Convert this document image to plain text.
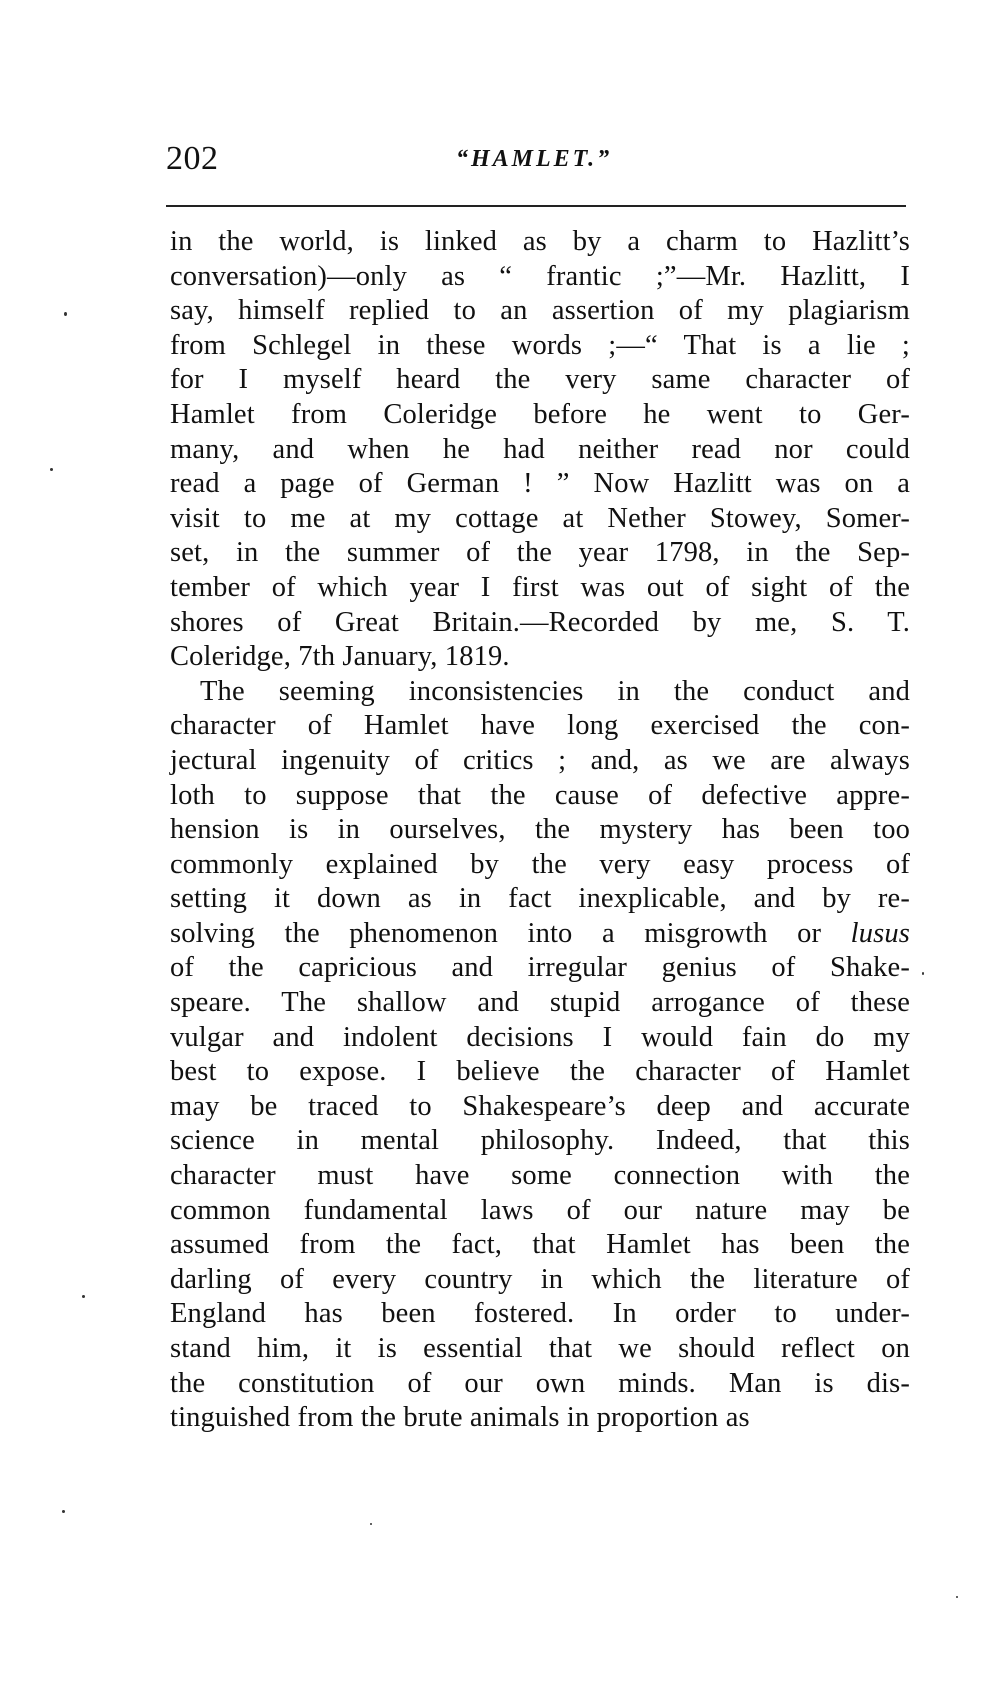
202	“HAMLET.”
in the world, is linked as by a charm to Hazlitt’s
conversation)—only as “ frantic ;”—Mr. Hazlitt, I
say, himself replied to an assertion of my plagiarism
from Schlegel in these words ;—“ That is a lie ;
for I myself heard the very same character of
Hamlet from Coleridge before he went to Ger-
many, and when he had neither read nor could
read a page of German ! ” Now Hazlitt was on a
visit to me at my cottage at Nether Stowey, Somer-
set, in the summer of the year 1798, in the Sep-
tember of which year I first was out of sight of the
shores of Great Britain.—Recorded by me, S. T.
Coleridge, 7th January, 1819.
The seeming inconsistencies in the conduct and
character of Hamlet have long exercised the con-
jectural ingenuity of critics ; and, as we are always
loth to suppose that the cause of defective appre-
hension is in ourselves, the mystery has been too
commonly explained by the very easy process of
setting it down as in fact inexplicable, and by re-
solving the phenomenon into a misgrowth or lusus
of the capricious and irregular genius of Shake-
speare. The shallow and stupid arrogance of these
vulgar and indolent decisions I would fain do my
best to expose. I believe the character of Hamlet
may be traced to Shakespeare’s deep and accurate
science in mental philosophy. Indeed, that this
character must have some connection with the
common fundamental laws of our nature may be
assumed from the fact, that Hamlet has been the
darling of every country in which the literature of
England has been fostered. In order to under-
stand him, it is essential that we should reflect on
the constitution of our own minds. Man is dis-
tinguished from the brute animals in proportion as
